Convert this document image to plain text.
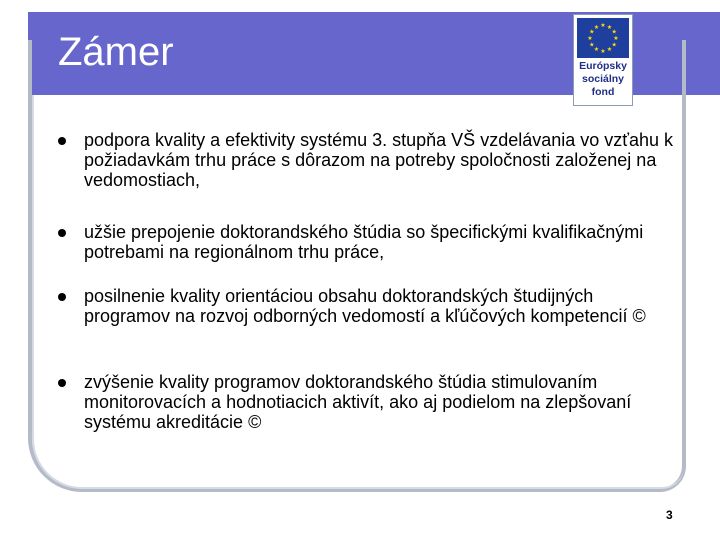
Zámer
★ ★
★
★
★
★
★
★
★
★
★
★
Európsky
sociálny
fond
podpora kvality a efektivity systému 3. stupňa VŠ vzdelávania vo vzťahu k požiadavkám trhu práce s dôrazom na potreby spoločnosti založenej na vedomostiach,
užšie prepojenie doktorandského štúdia so špecifickými kvalifikačnými potrebami na regionálnom trhu práce,
posilnenie kvality orientáciou obsahu doktorandských študijných programov na rozvoj odborných vedomostí a kľúčových kompetencií ©
zvýšenie kvality programov doktorandského štúdia stimulovaním monitorovacích a hodnotiacich aktivít, ako aj podielom na zlepšovaní systému akreditácie ©
3
